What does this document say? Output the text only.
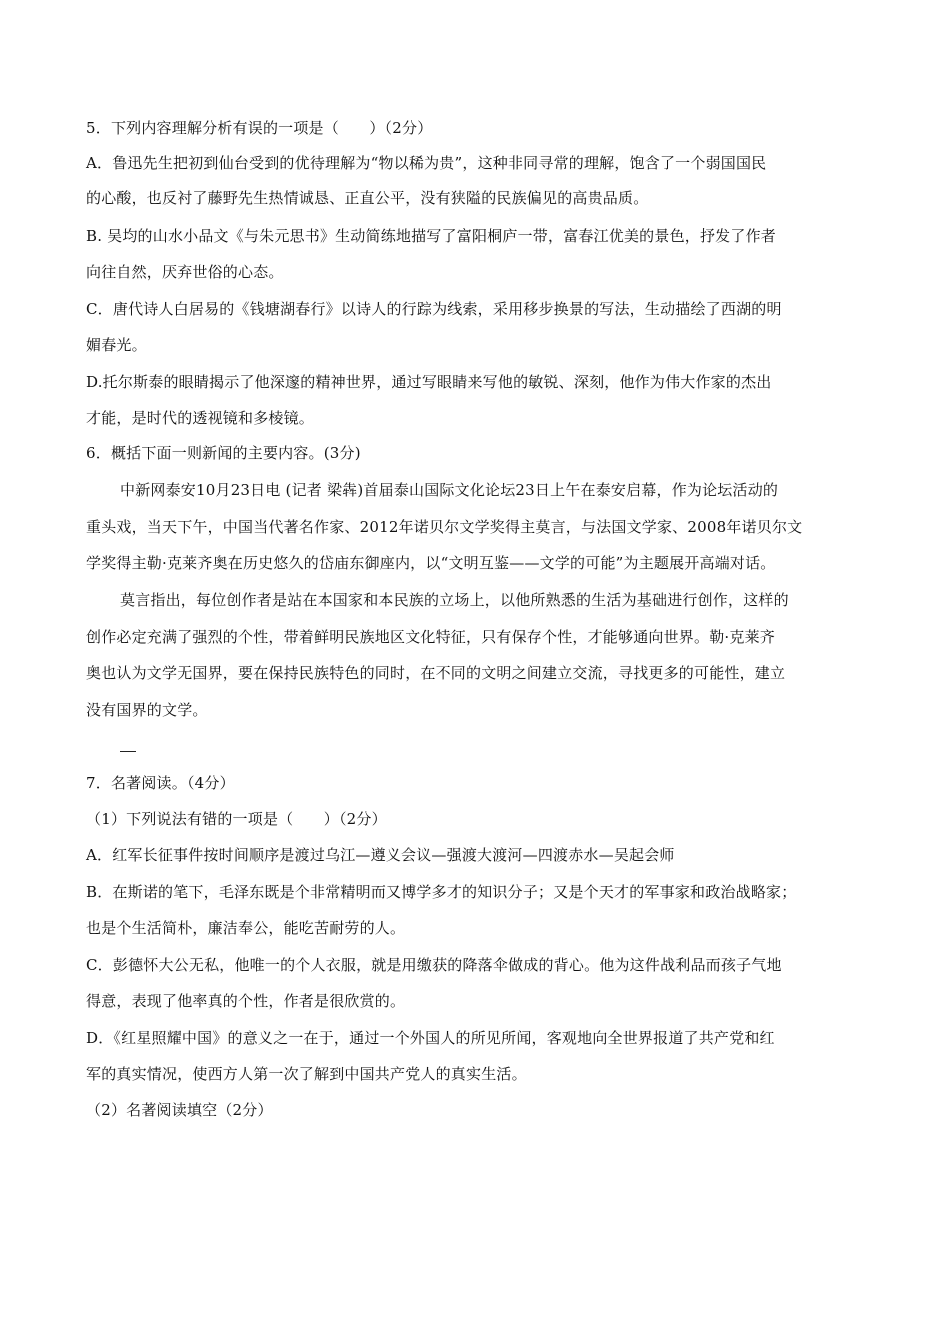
5．下列内容理解分析有误的一项是（　　）（2分）
A．鲁迅先生把初到仙台受到的优待理解为“物以稀为贵”，这种非同寻常的理解，饱含了一个弱国国民
的心酸，也反衬了藤野先生热情诚恳、正直公平，没有狭隘的民族偏见的高贵品质。
B. 吴均的山水小品文《与朱元思书》生动简练地描写了富阳桐庐一带，富春江优美的景色，抒发了作者
向往自然，厌弃世俗的心态。
C．唐代诗人白居易的《钱塘湖春行》以诗人的行踪为线索，采用移步换景的写法，生动描绘了西湖的明
媚春光。
D.托尔斯泰的眼睛揭示了他深邃的精神世界，通过写眼睛来写他的敏锐、深刻，他作为伟大作家的杰出
才能，是时代的透视镜和多棱镜。
6．概括下面一则新闻的主要内容。(3分)
中新网泰安10月23日电 (记者 梁犇)首届泰山国际文化论坛23日上午在泰安启幕，作为论坛活动的
重头戏，当天下午，中国当代著名作家、2012年诺贝尔文学奖得主莫言，与法国文学家、2008年诺贝尔文
学奖得主勒·克莱齐奥在历史悠久的岱庙东御座内，以“文明互鉴——文学的可能”为主题展开高端对话。
莫言指出，每位创作者是站在本国家和本民族的立场上，以他所熟悉的生活为基础进行创作，这样的
创作必定充满了强烈的个性，带着鲜明民族地区文化特征，只有保存个性，才能够通向世界。勒·克莱齐
奥也认为文学无国界，要在保持民族特色的同时，在不同的文明之间建立交流，寻找更多的可能性，建立
没有国界的文学。
7．名著阅读。（4分）
（1）下列说法有错的一项是（　　）（2分）
A．红军长征事件按时间顺序是渡过乌江—遵义会议—强渡大渡河—四渡赤水—吴起会师
B．在斯诺的笔下，毛泽东既是个非常精明而又博学多才的知识分子；又是个天才的军事家和政治战略家；
也是个生活简朴，廉洁奉公，能吃苦耐劳的人。
C．彭德怀大公无私，他唯一的个人衣服，就是用缴获的降落伞做成的背心。他为这件战利品而孩子气地
得意，表现了他率真的个性，作者是很欣赏的。
D．《红星照耀中国》的意义之一在于，通过一个外国人的所见所闻，客观地向全世界报道了共产党和红
军的真实情况，使西方人第一次了解到中国共产党人的真实生活。
（2）名著阅读填空（2分）
